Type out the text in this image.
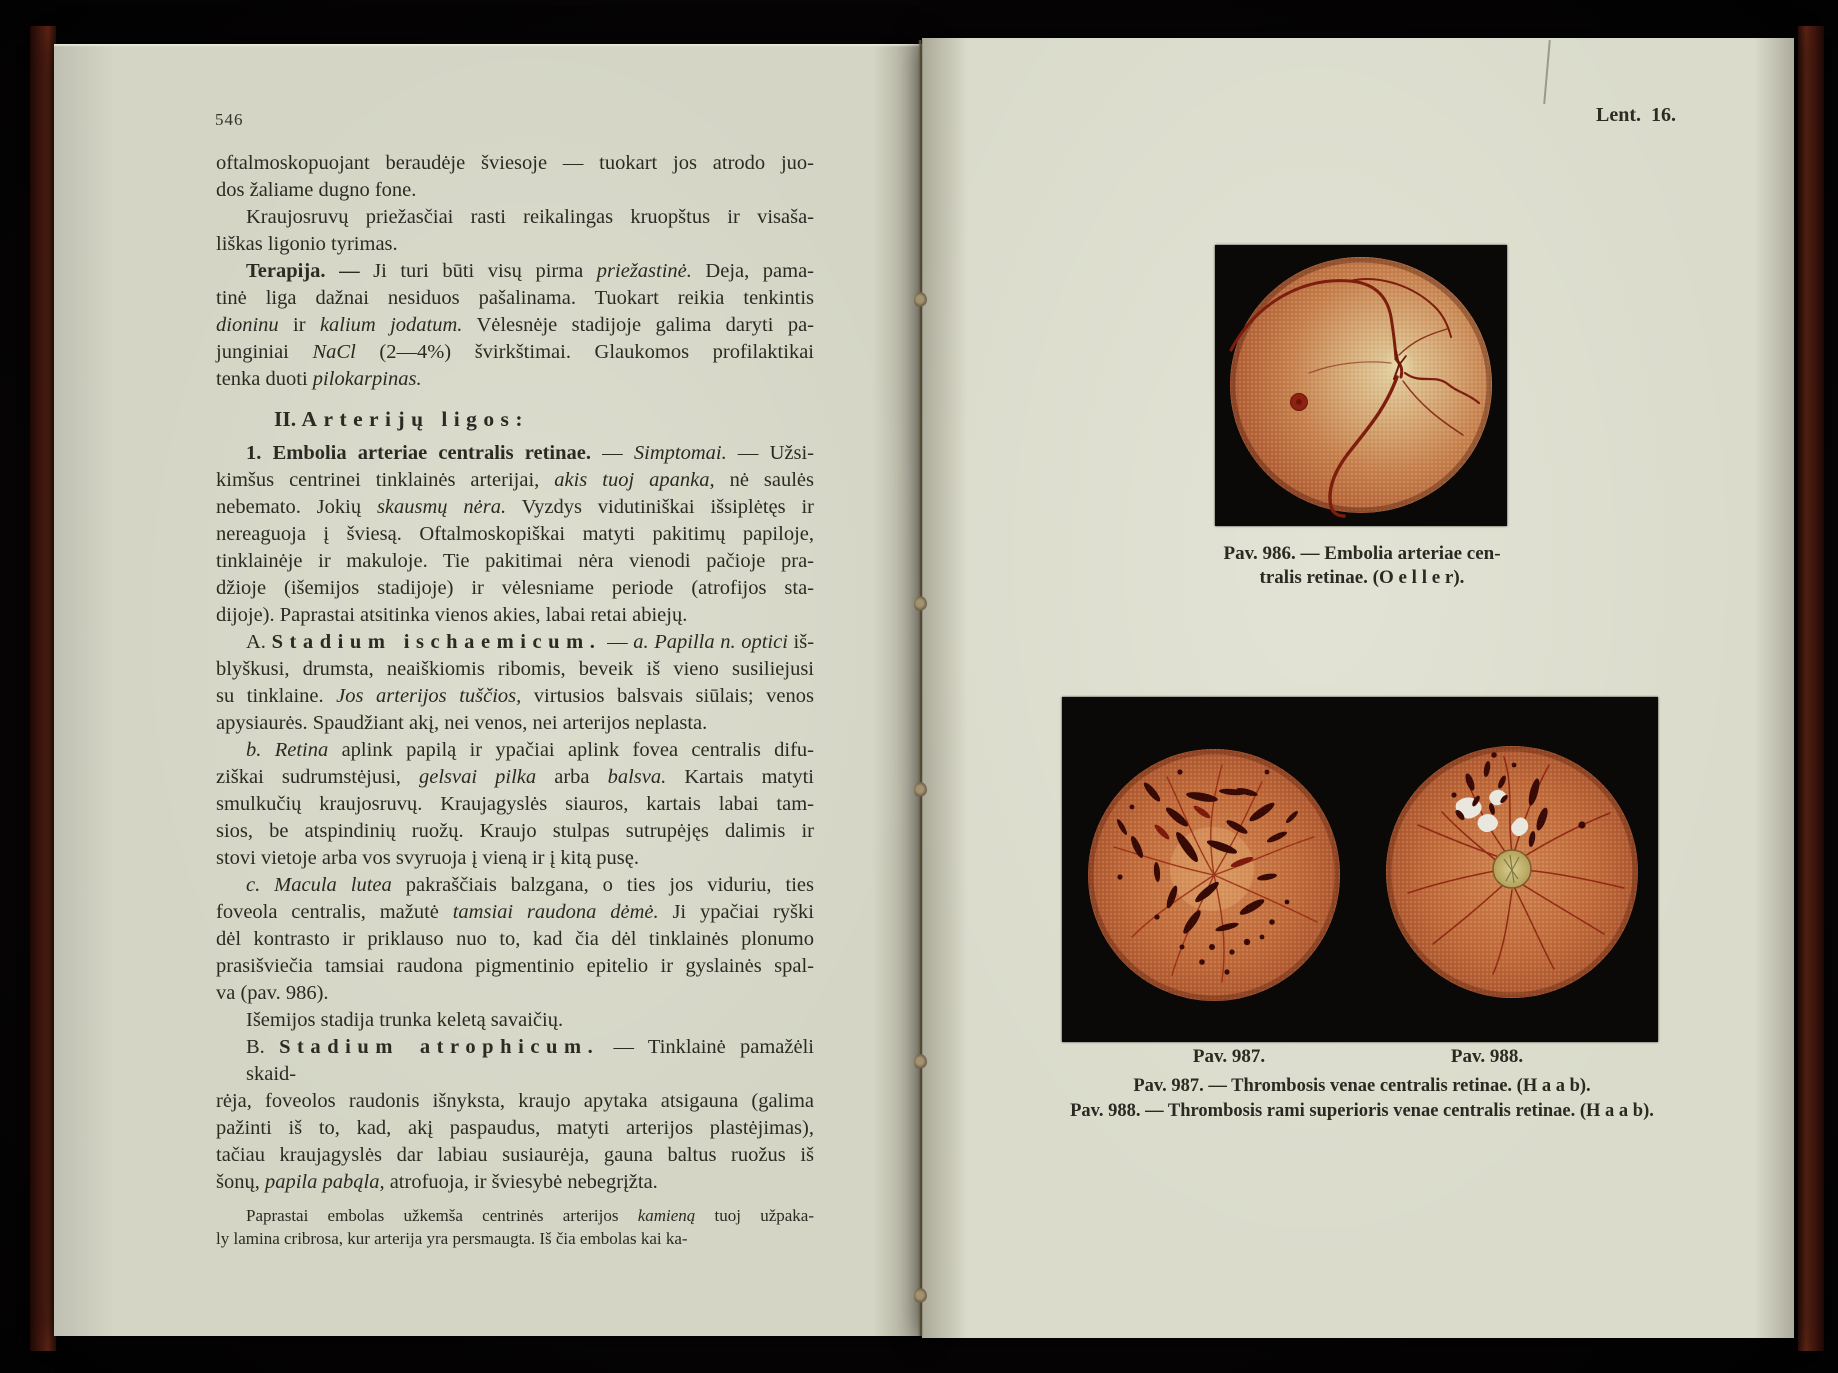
546
oftalmoskopuojant beraudėje šviesoje — tuokart jos atrodo juo-
dos žaliame dugno fone.
Kraujosruvų priežasčiai rasti reikalingas kruopštus ir visaša-
liškas ligonio tyrimas.
Terapija. — Ji turi būti visų pirma priežastinė. Deja, pama-
tinė liga dažnai nesiduos pašalinama. Tuokart reikia tenkintis
dioninu ir kalium jodatum. Vėlesnėje stadijoje galima daryti pa-
junginiai NaCl (2—4%) švirkštimai. Glaukomos profilaktikai
tenka duoti pilokarpinas.
II. Arterijų ligos:
1. Embolia arteriae centralis retinae. — Simptomai. — Užsi-
kimšus centrinei tinklainės arterijai, akis tuoj apanka, nė saulės
nebemato. Jokių skausmų nėra. Vyzdys vidutiniškai išsiplėtęs ir
nereaguoja į šviesą. Oftalmoskopiškai matyti pakitimų papiloje,
tinklainėje ir makuloje. Tie pakitimai nėra vienodi pačioje pra-
džioje (išemijos stadijoje) ir vėlesniame periode (atrofijos sta-
dijoje). Paprastai atsitinka vienos akies, labai retai abiejų.
A. Stadium ischaemicum. — a. Papilla n. optici iš-
blyškusi, drumsta, neaiškiomis ribomis, beveik iš vieno susiliejusi
su tinklaine. Jos arterijos tuščios, virtusios balsvais siūlais; venos
apysiaurės. Spaudžiant akį, nei venos, nei arterijos neplasta.
b. Retina aplink papilą ir ypačiai aplink fovea centralis difu-
ziškai sudrumstėjusi, gelsvai pilka arba balsva. Kartais matyti
smulkučių kraujosruvų. Kraujagyslės siauros, kartais labai tam-
sios, be atspindinių ruožų. Kraujo stulpas sutrupėjęs dalimis ir
stovi vietoje arba vos svyruoja į vieną ir į kitą pusę.
c. Macula lutea pakraščiais balzgana, o ties jos viduriu, ties
foveola centralis, mažutė tamsiai raudona dėmė. Ji ypačiai ryški
dėl kontrasto ir priklauso nuo to, kad čia dėl tinklainės plonumo
prasišviečia tamsiai raudona pigmentinio epitelio ir gyslainės spal-
va (pav. 986).
Išemijos stadija trunka keletą savaičių.
B. Stadium atrophicum. — Tinklainė pamažėli skaid-
rėja, foveolos raudonis išnyksta, kraujo apytaka atsigauna (galima
pažinti iš to, kad, akį paspaudus, matyti arterijos plastėjimas),
tačiau kraujagyslės dar labiau susiaurėja, gauna baltus ruožus iš
šonų, papila pabąla, atrofuoja, ir šviesybė nebegrįžta.
Paprastai embolas užkemša centrinės arterijos kamieną tuoj užpaka-
ly lamina cribrosa, kur arterija yra persmaugta. Iš čia embolas kai ka-
Lent. 16.
Pav. 986. — Embolia arteriae cen-
tralis retinae. (O e l l e r).
Pav. 987.	Pav. 988.
Pav. 987. — Thrombosis venae centralis retinae. (H a a b).
Pav. 988. — Thrombosis rami superioris venae centralis retinae. (H a a b).
